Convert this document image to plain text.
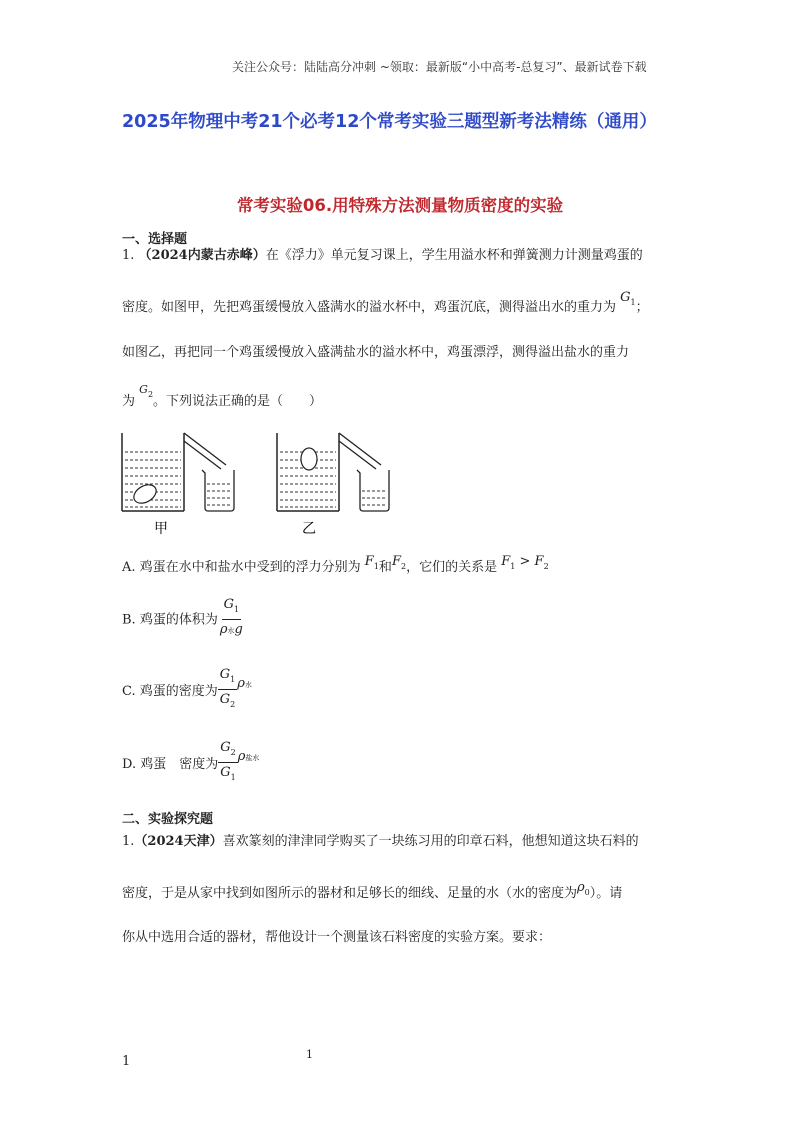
关注公众号：陆陆高分冲刺 ~领取：最新版“小中高考-总复习”、最新试卷下载
2025年物理中考21个必考12个常考实验三题型新考法精练（通用）
常考实验06.用特殊方法测量物质密度的实验
一、选择题
1. （2024内蒙古赤峰）在《浮力》单元复习课上，学生用溢水杯和弹簧测力计测量鸡蛋的
密度。如图甲，先把鸡蛋缓慢放入盛满水的溢水杯中，鸡蛋沉底，测得溢出水的重力为 $G_1$；
如图乙，再把同一个鸡蛋缓慢放入盛满盐水的溢水杯中，鸡蛋漂浮，测得溢出盐水的重力
为 $^{G_2}$。下列说法正确的是（　　）
甲	乙
A. 鸡蛋在水中和盐水中受到的浮力分别为 $F_1$和$F_2$，它们的关系是 $F_1 > F_2$
B. 鸡蛋的体积为 $\frac{G_1}{\text{ρ水g}}$
C. 鸡蛋的密度为 $\frac{G_1}{G_2}$ ρ水
D. 鸡蛋　密度为 $\frac{G_2}{G_1}$ ρ盐水
二、实验探究题
1.（2024天津）喜欢篆刻的津津同学购买了一块练习用的印章石料，他想知道这块石料的
密度，于是从家中找到如图所示的器材和足够长的细线、足量的水（水的密度为$\rho_0$）。请
你从中选用合适的器材，帮他设计一个测量该石料密度的实验方案。要求：
1	1
